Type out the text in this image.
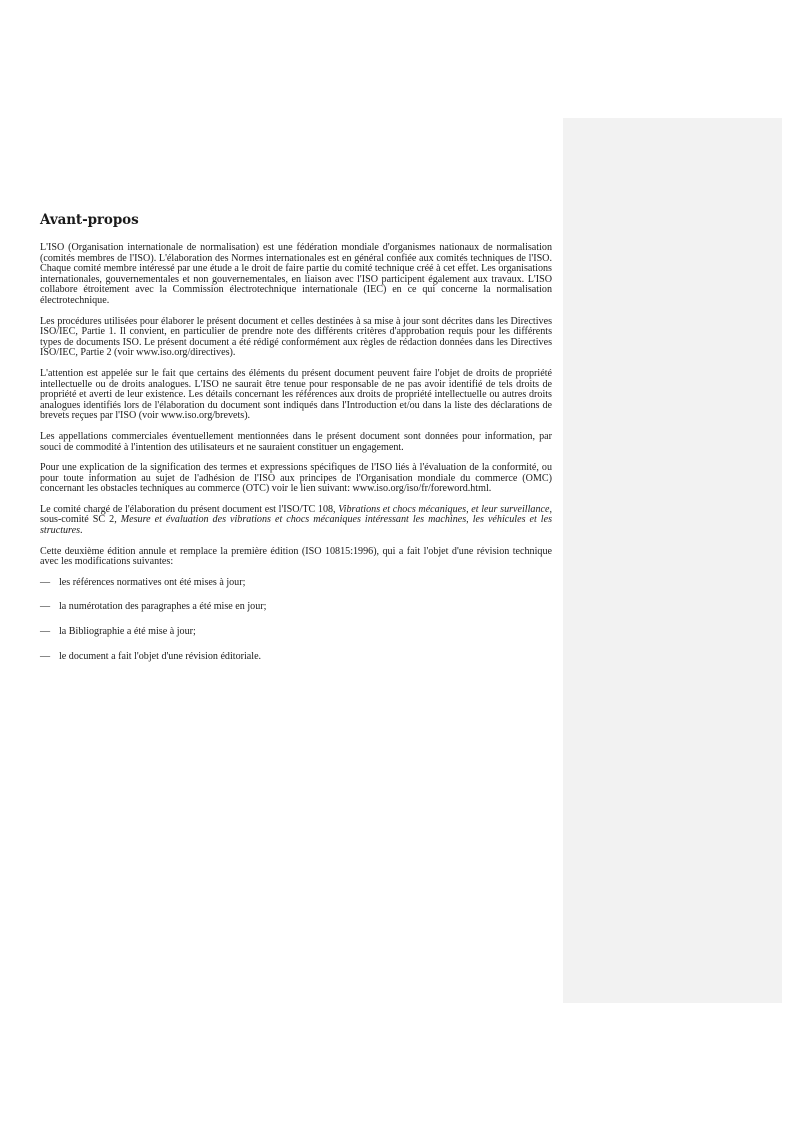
Avant-propos

L'ISO (Organisation internationale de normalisation) est une fédération mondiale d'organismes nationaux de normalisation (comités membres de l'ISO). L'élaboration des Normes internationales est en général confiée aux comités techniques de l'ISO. Chaque comité membre intéressé par une étude a le droit de faire partie du comité technique créé à cet effet. Les organisations internationales, gouvernementales et non gouvernementales, en liaison avec l'ISO participent également aux travaux. L'ISO collabore étroitement avec la Commission électrotechnique internationale (IEC) en ce qui concerne la normalisation électrotechnique.

Les procédures utilisées pour élaborer le présent document et celles destinées à sa mise à jour sont décrites dans les Directives ISO/IEC, Partie 1. Il convient, en particulier de prendre note des différents critères d'approbation requis pour les différents types de documents ISO. Le présent document a été rédigé conformément aux règles de rédaction données dans les Directives ISO/IEC, Partie 2 (voir www.iso.org/directives).

L'attention est appelée sur le fait que certains des éléments du présent document peuvent faire l'objet de droits de propriété intellectuelle ou de droits analogues. L'ISO ne saurait être tenue pour responsable de ne pas avoir identifié de tels droits de propriété et averti de leur existence. Les détails concernant les références aux droits de propriété intellectuelle ou autres droits analogues identifiés lors de l'élaboration du document sont indiqués dans l'Introduction et/ou dans la liste des déclarations de brevets reçues par l'ISO (voir www.iso.org/brevets).

Les appellations commerciales éventuellement mentionnées dans le présent document sont données pour information, par souci de commodité à l'intention des utilisateurs et ne sauraient constituer un engagement.

Pour une explication de la signification des termes et expressions spécifiques de l'ISO liés à l'évaluation de la conformité, ou pour toute information au sujet de l'adhésion de l'ISO aux principes de l'Organisation mondiale du commerce (OMC) concernant les obstacles techniques au commerce (OTC) voir le lien suivant: www.iso.org/iso/fr/foreword.html.

Le comité chargé de l'élaboration du présent document est l'ISO/TC 108, Vibrations et chocs mécaniques, et leur surveillance, sous-comité SC 2, Mesure et évaluation des vibrations et chocs mécaniques intéressant les machines, les véhicules et les structures.

Cette deuxième édition annule et remplace la première édition (ISO 10815:1996), qui a fait l'objet d'une révision technique avec les modifications suivantes:

— les références normatives ont été mises à jour;
— la numérotation des paragraphes a été mise en jour;
— la Bibliographie a été mise à jour;
— le document a fait l'objet d'une révision éditoriale.
